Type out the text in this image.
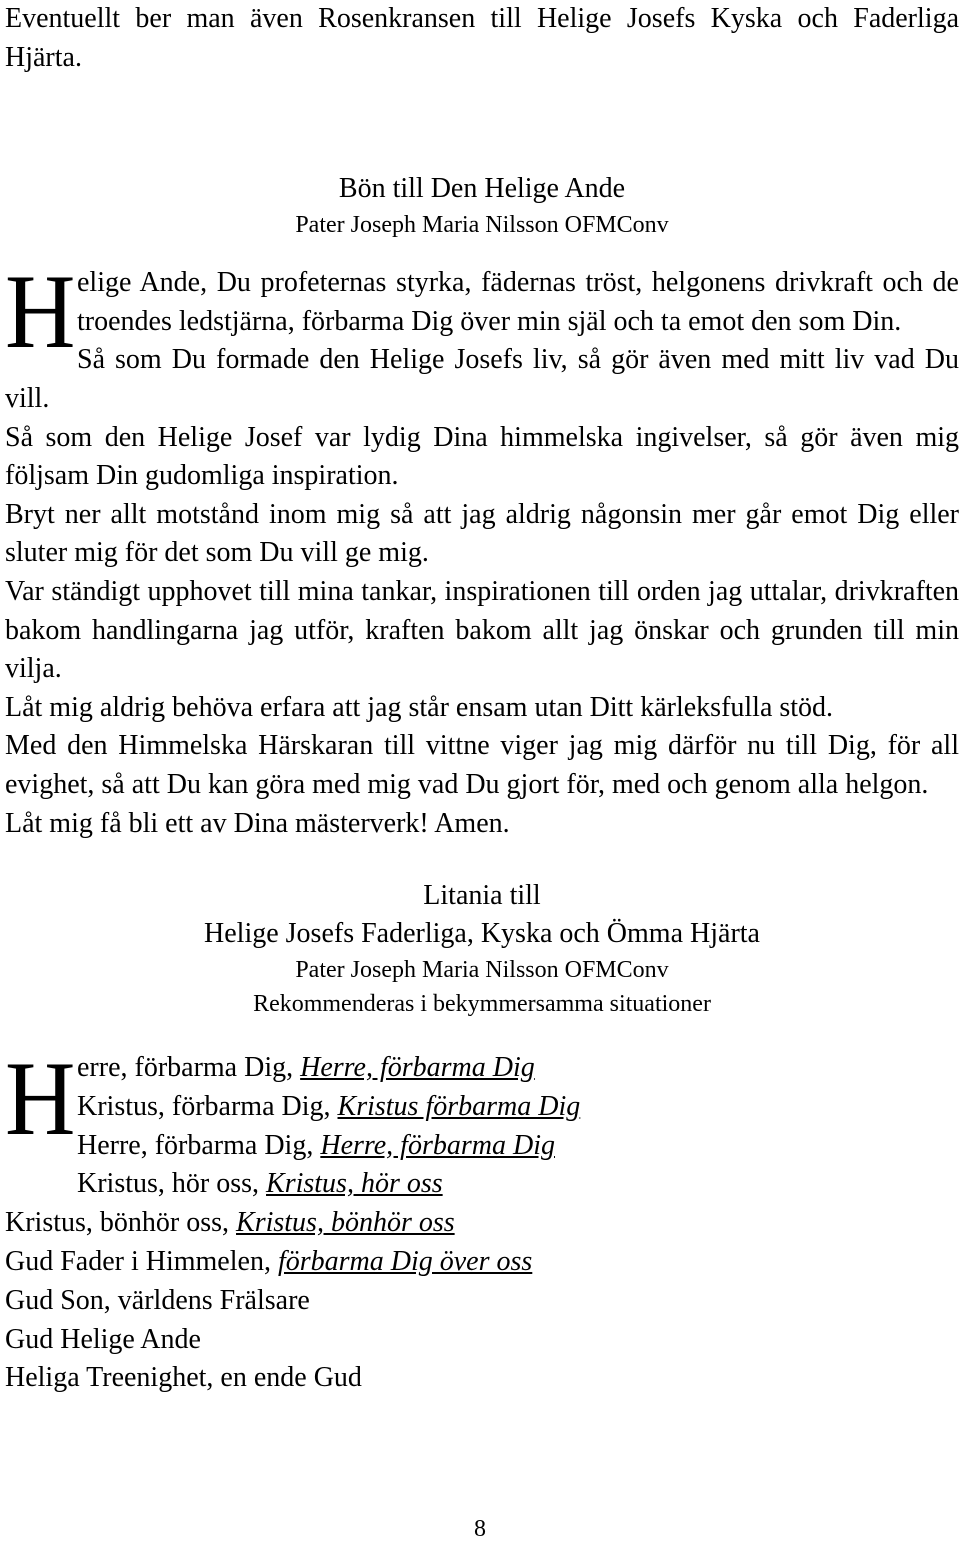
Eventuellt ber man även Rosenkransen till Helige Josefs Kyska och Faderliga Hjärta.

Bön till Den Helige Ande

Pater Joseph Maria Nilsson OFMConv

H elige Ande, Du profeternas styrka, fädernas tröst, helgonens drivkraft och de troendes ledstjärna, förbarma Dig över min själ och ta emot den som Din.

Så som Du formade den Helige Josefs liv, så gör även med mitt liv vad Du vill.

Så som den Helige Josef var lydig Dina himmelska ingivelser, så gör även mig följsam Din gudomliga inspiration.

Bryt ner allt motstånd inom mig så att jag aldrig någonsin mer går emot Dig eller sluter mig för det som Du vill ge mig.

Var ständigt upphovet till mina tankar, inspirationen till orden jag uttalar, drivkraften bakom handlingarna jag utför, kraften bakom allt jag önskar och grunden till min vilja.

Låt mig aldrig behöva erfara att jag står ensam utan Ditt kärleksfulla stöd.

Med den Himmelska Härskaran till vittne viger jag mig därför nu till Dig, för all evighet, så att Du kan göra med mig vad Du gjort för, med och genom alla helgon.

Låt mig få bli ett av Dina mästerverk! Amen.

Litania till

Helige Josefs Faderliga, Kyska och Ömma Hjärta

Pater Joseph Maria Nilsson OFMConv

Rekommenderas i bekymmersamma situationer

H erre, förbarma Dig, Herre, förbarma Dig

Kristus, förbarma Dig, Kristus förbarma Dig

Herre, förbarma Dig, Herre, förbarma Dig

Kristus, hör oss, Kristus, hör oss

Kristus, bönhör oss, Kristus, bönhör oss

Gud Fader i Himmelen, förbarma Dig över oss

Gud Son, världens Frälsare

Gud Helige Ande

Heliga Treenighet, en ende Gud

8
